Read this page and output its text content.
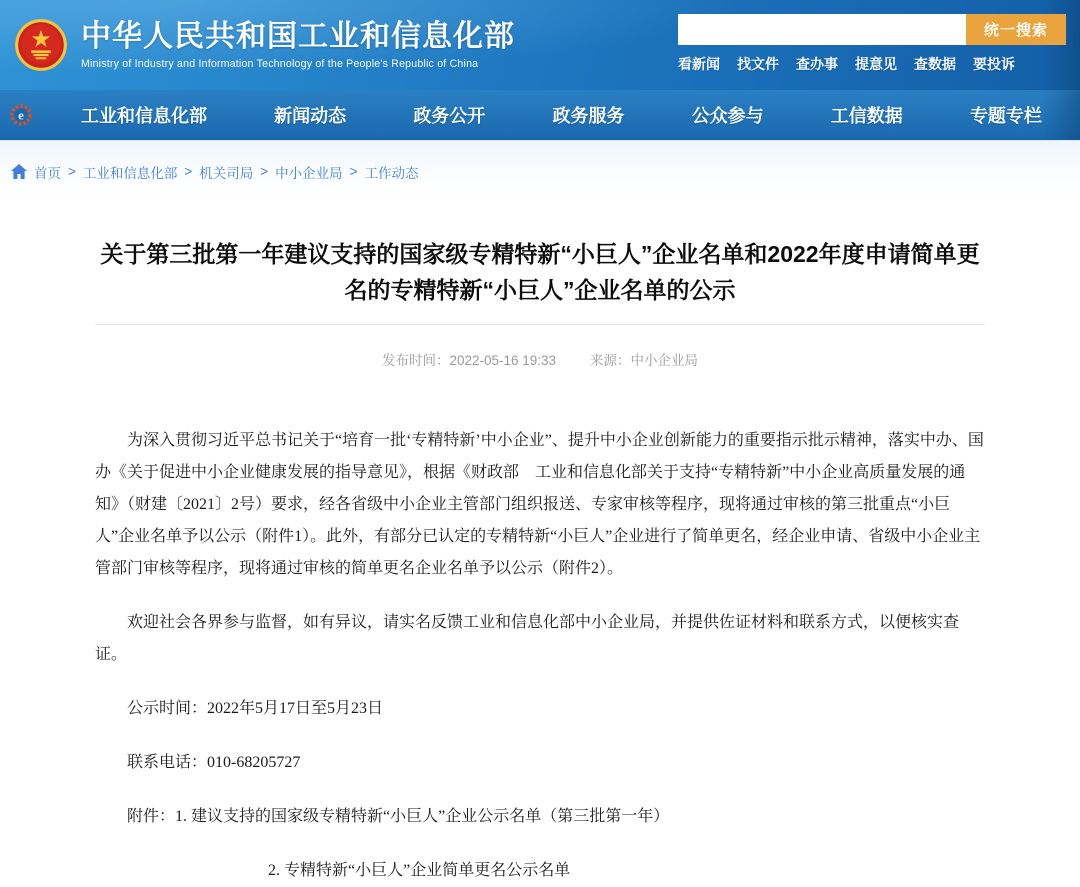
中华人民共和国工业和信息化部
Ministry of Industry and Information Technology of the People's Republic of China
统一搜索
看新闻 找文件 查办事 提意见 查数据 要投诉
e	工业和信息化部	新闻动态	政务公开	政务服务	公众参与	工信数据	专题专栏
首页 > 工业和信息化部 > 机关司局 > 中小企业局 > 工作动态
关于第三批第一年建议支持的国家级专精特新“小巨人”企业名单和2022年度申请简单更名的专精特新“小巨人”企业名单的公示
发布时间：2022-05-16 19:33	来源：中小企业局

为深入贯彻习近平总书记关于“培育一批‘专精特新’中小企业”、提升中小企业创新能力的重要指示批示精神，落实中办、国办《关于促进中小企业健康发展的指导意见》，根据《财政部　工业和信息化部关于支持“专精特新”中小企业高质量发展的通知》（财建〔2021〕2号）要求，经各省级中小企业主管部门组织报送、专家审核等程序，现将通过审核的第三批重点“小巨人”企业名单予以公示（附件1）。此外，有部分已认定的专精特新“小巨人”企业进行了简单更名，经企业申请、省级中小企业主管部门审核等程序，现将通过审核的简单更名企业名单予以公示（附件2）。

欢迎社会各界参与监督，如有异议，请实名反馈工业和信息化部中小企业局，并提供佐证材料和联系方式，以便核实查证。

公示时间：2022年5月17日至5月23日

联系电话：010-68205727

附件：1. 建议支持的国家级专精特新“小巨人”企业公示名单（第三批第一年）

2. 专精特新“小巨人”企业简单更名公示名单
